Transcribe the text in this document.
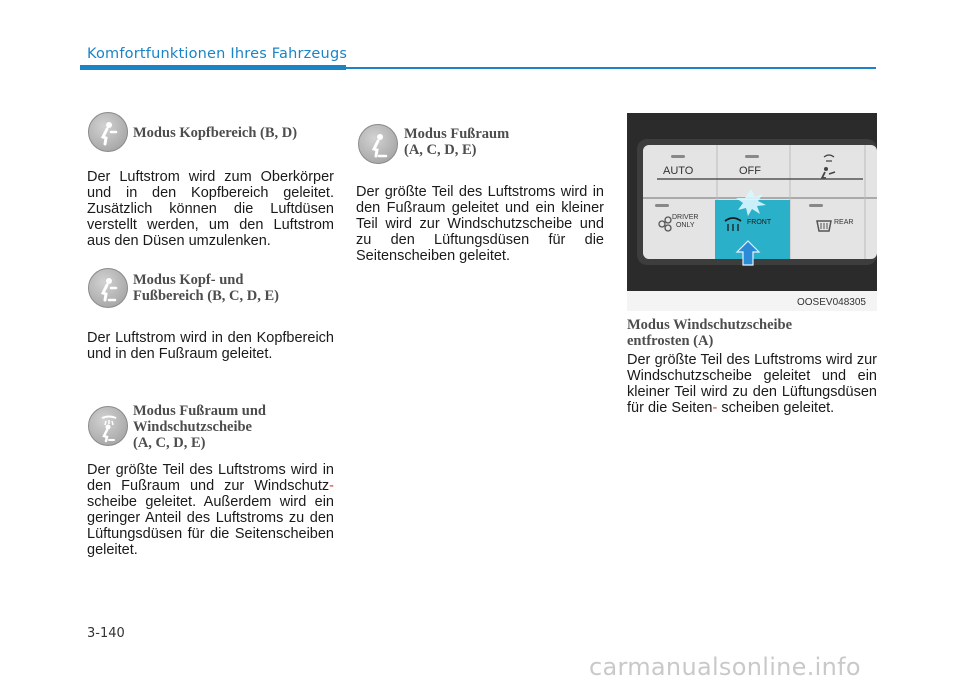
Komfortfunktionen Ihres Fahrzeugs
Modus Kopfbereich (B, D)
Der Luftstrom wird zum Oberkörper und in den Kopfbereich geleitet. Zusätzlich können die Luftdüsen verstellt werden, um den Luftstrom aus den Düsen umzulenken.
Modus Kopf- und
Fußbereich (B, C, D, E)
Der Luftstrom wird in den Kopfbereich und in den Fußraum geleitet.
Modus Fußraum und
Windschutzscheibe
(A, C, D, E)
Der größte Teil des Luftstroms wird in den Fußraum und zur Windschutz- scheibe geleitet. Außerdem wird ein geringer Anteil des Luftstroms zu den Lüftungsdüsen für die Seitenscheiben geleitet.
Modus Fußraum
(A, C, D, E)
Der größte Teil des Luftstroms wird in den Fußraum geleitet und ein kleiner Teil wird zur Windschutzscheibe und zu den Lüftungsdüsen für die Seitenscheiben geleitet.
AUTO	OFF
DRIVER
ONLY	FRONT	REAR
OOSEV048305
Modus Windschutzscheibe
entfrosten (A)
Der größte Teil des Luftstroms wird zur Windschutzscheibe geleitet und ein kleiner Teil wird zu den Lüftungsdüsen für die Seiten- scheiben geleitet.
3-140
carmanualsonline.info
